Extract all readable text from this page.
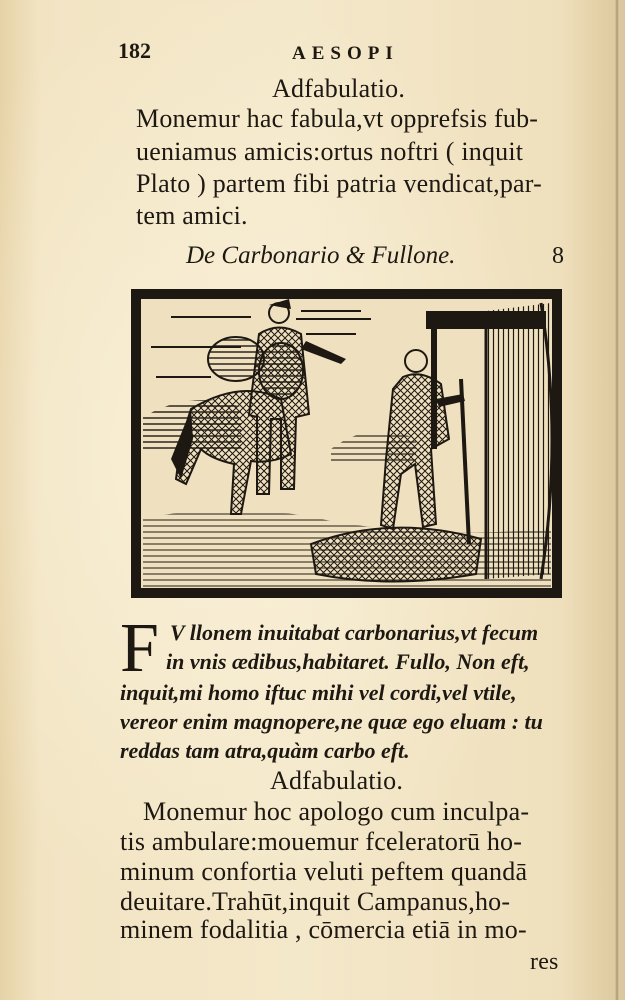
182	AESOPI
Adfabulatio.
Monemur hac fabula,vt opprefsis fub-
ueniamus amicis:ortus noftri ( inquit
Plato ) partem fibi patria vendicat,par-
tem amici.
De Carbonario & Fullone.	8
F V llonem inuitabat carbonarius,vt fecum
in vnis ædibus,habitaret. Fullo, Non eft,
inquit,mi homo iftuc mihi vel cordi,vel vtile,
vereor enim magnopere,ne quæ ego eluam : tu
reddas tam atra,quàm carbo eft.
Adfabulatio.
Monemur hoc apologo cum inculpa-
tis ambulare:mouemur fceleratorū ho-
minum confortia veluti peftem quandā
deuitare.Trahūt,inquit Campanus,ho-
minem fodalitia , cōmercia etiā in mo-
res
